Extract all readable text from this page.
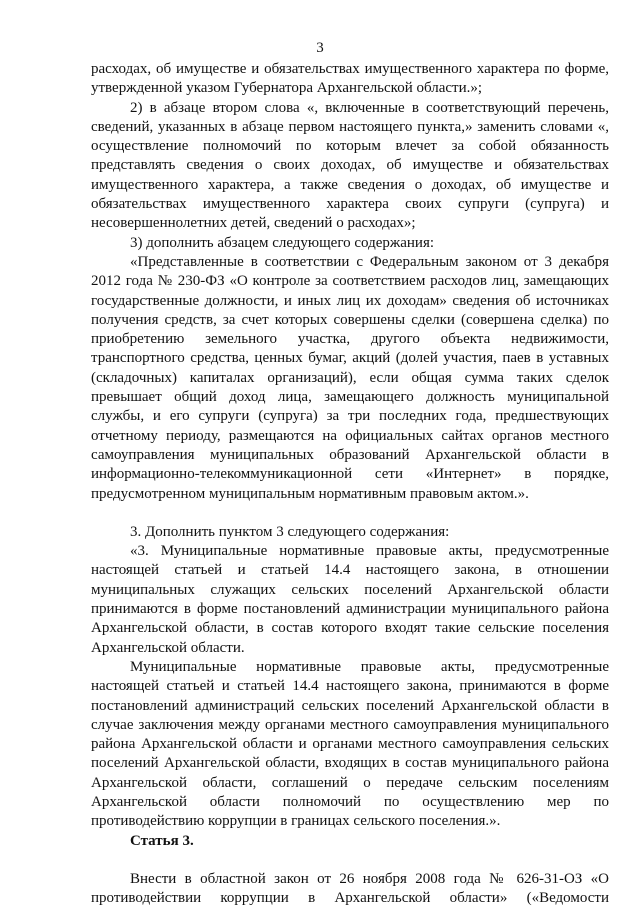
3

расходах, об имуществе и обязательствах имущественного характера по форме, утвержденной указом Губернатора Архангельской области.»;

2) в абзаце втором слова «, включенные в соответствующий перечень, сведений, указанных в абзаце первом настоящего пункта,» заменить словами «, осуществление полномочий по которым влечет за собой обязанность представлять сведения о своих доходах, об имуществе и обязательствах имущественного характера, а также сведения о доходах, об имуществе и обязательствах имущественного характера своих супруги (супруга) и несовершеннолетних детей, сведений о расходах»;

3) дополнить абзацем следующего содержания:

«Представленные в соответствии с Федеральным законом от 3 декабря 2012 года № 230-ФЗ «О контроле за соответствием расходов лиц, замещающих государственные должности, и иных лиц их доходам» сведения об источниках получения средств, за счет которых совершены сделки (совершена сделка) по приобретению земельного участка, другого объекта недвижимости, транспортного средства, ценных бумаг, акций (долей участия, паев в уставных (складочных) капиталах организаций), если общая сумма таких сделок превышает общий доход лица, замещающего должность муниципальной службы, и его супруги (супруга) за три последних года, предшествующих отчетному периоду, размещаются на официальных сайтах органов местного самоуправления муниципальных образований Архангельской области в информационно-телекоммуникационной сети «Интернет» в порядке, предусмотренном муниципальным нормативным правовым актом.».

3. Дополнить пунктом 3 следующего содержания:

«3. Муниципальные нормативные правовые акты, предусмотренные настоящей статьей и статьей 14.4 настоящего закона, в отношении муниципальных служащих сельских поселений Архангельской области принимаются в форме постановлений администрации муниципального района Архангельской области, в состав которого входят такие сельские поселения Архангельской области.

Муниципальные нормативные правовые акты, предусмотренные настоящей статьей и статьей 14.4 настоящего закона, принимаются в форме постановлений администраций сельских поселений Архангельской области в случае заключения между органами местного самоуправления муниципального района Архангельской области и органами местного самоуправления сельских поселений Архангельской области, входящих в состав муниципального района Архангельской области, соглашений о передаче сельским поселениям Архангельской области полномочий по осуществлению мер по противодействию коррупции в границах сельского поселения.».

Статья 3.

Внести в областной закон от 26 ноября 2008 года № 626-31-ОЗ «О противодействии коррупции в Архангельской области» («Ведомости
